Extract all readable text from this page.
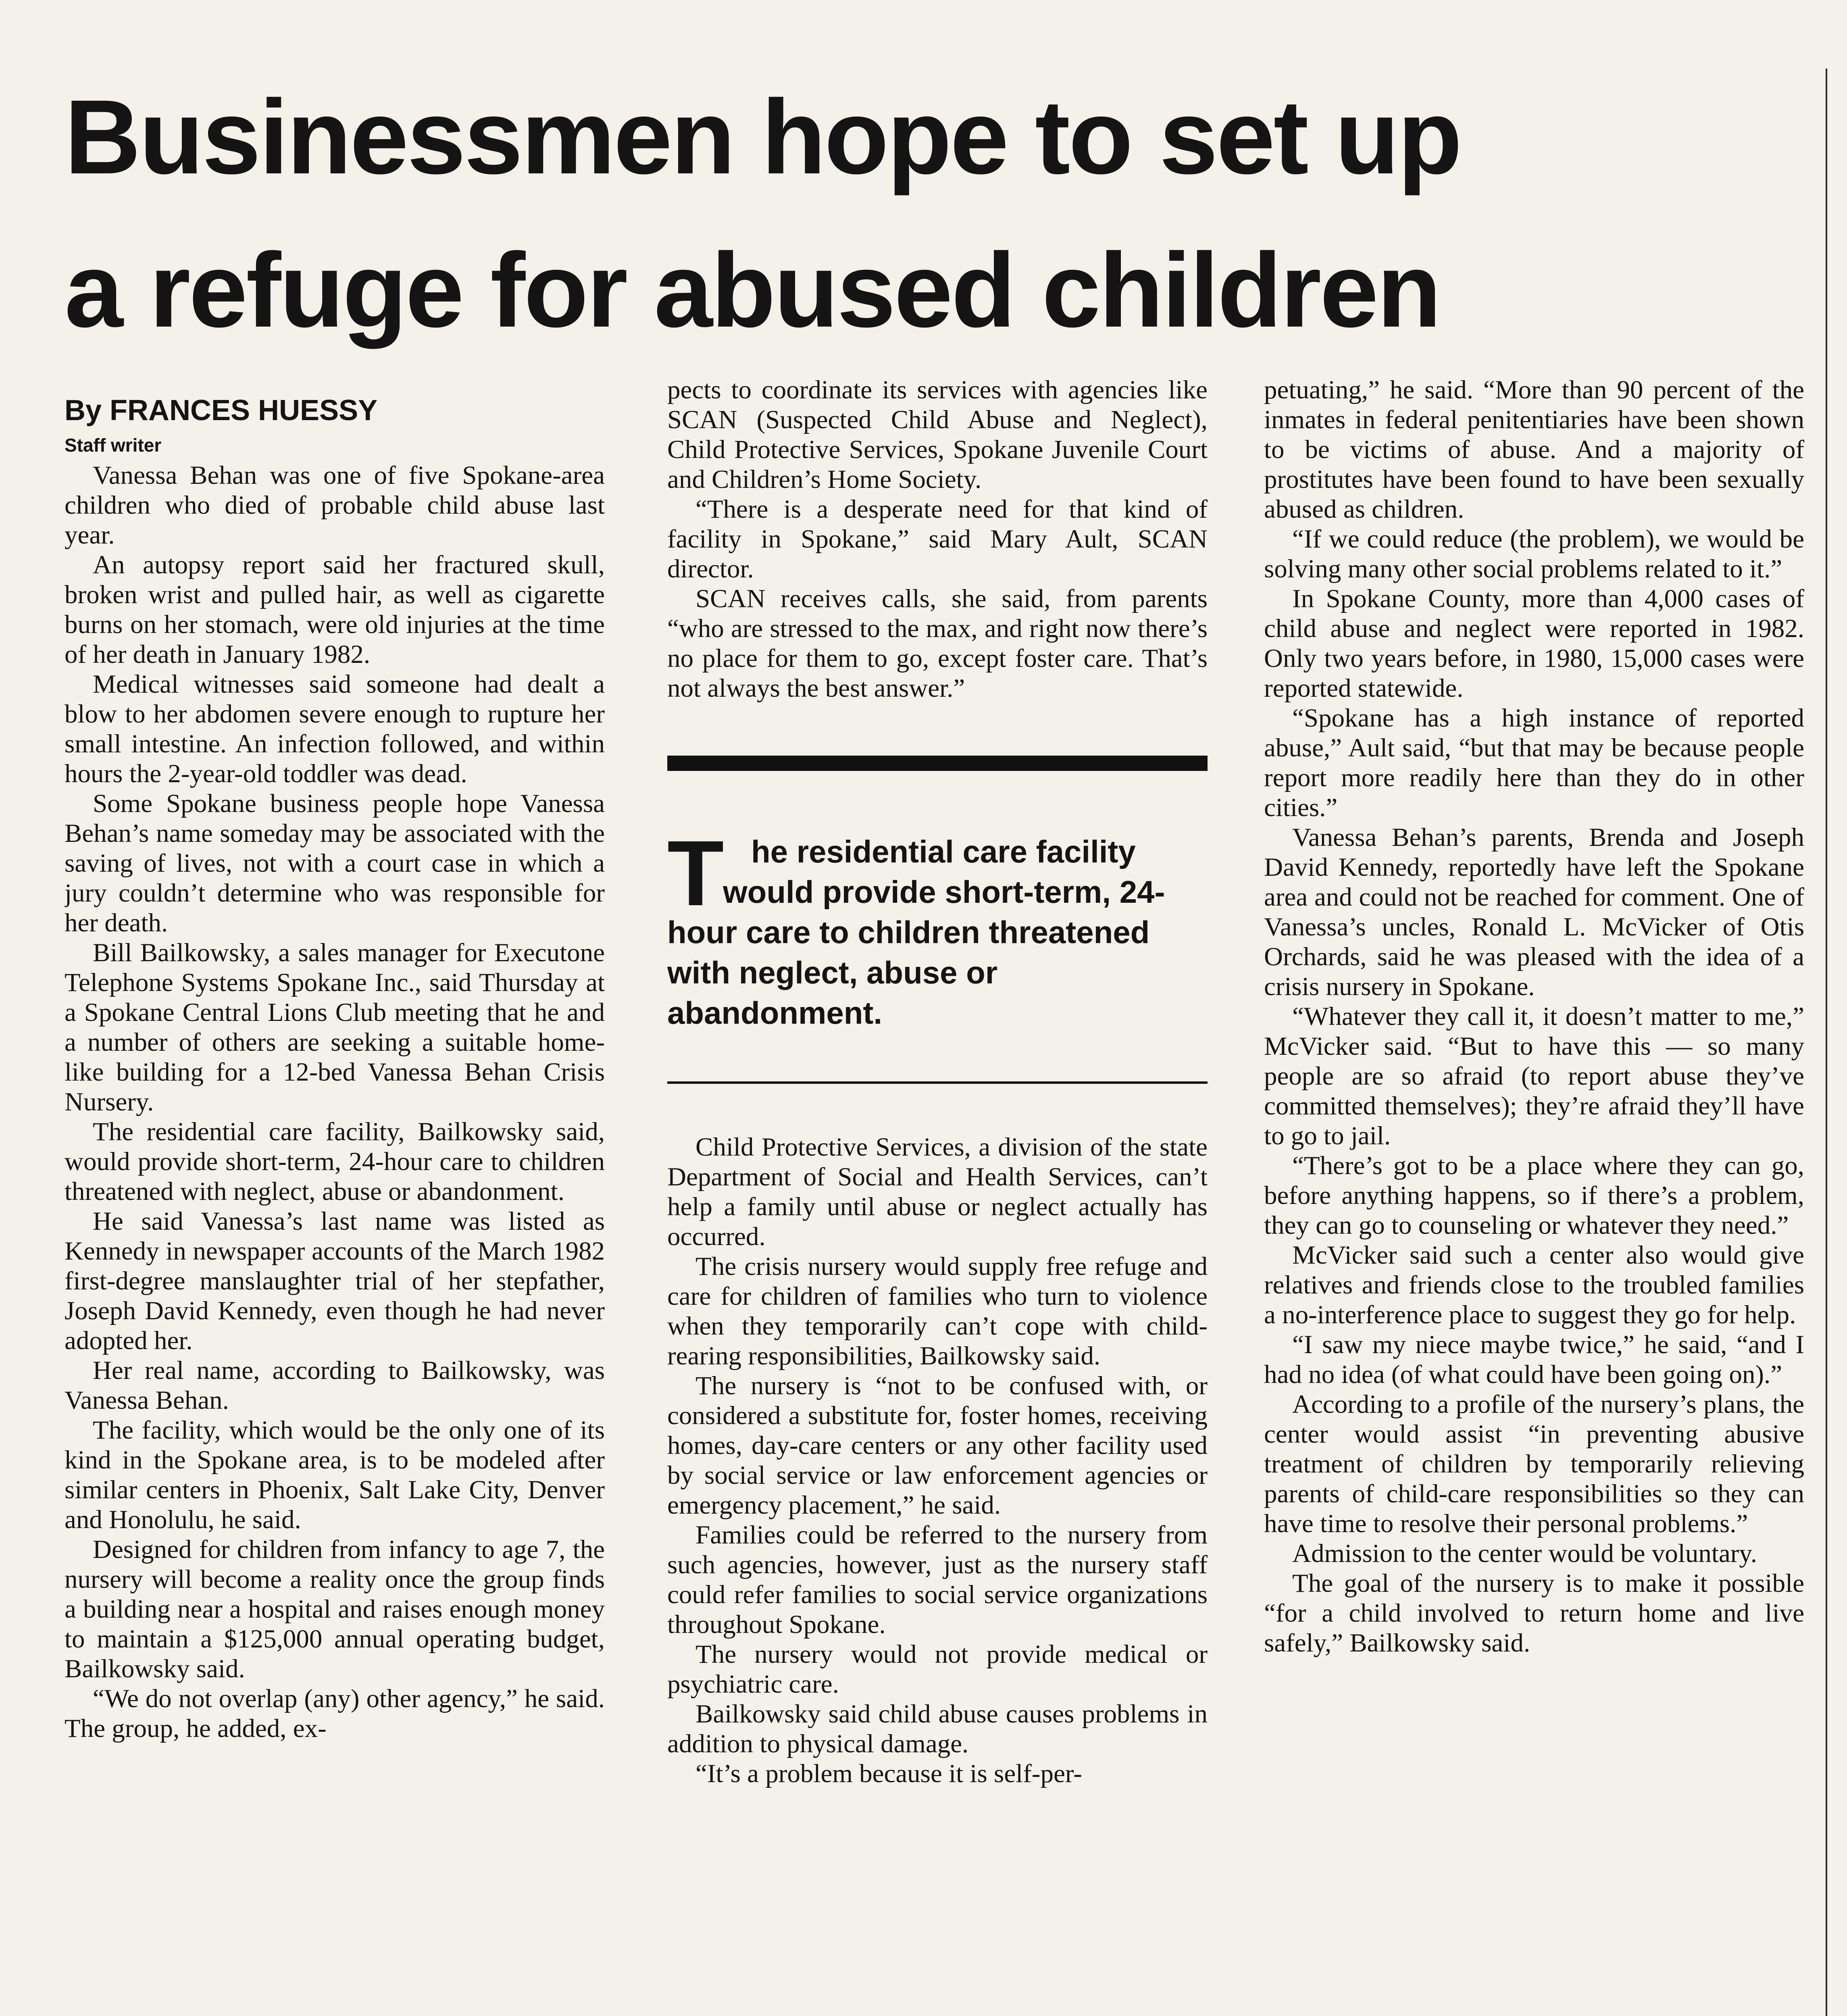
Businessmen hope to set up
a refuge for abused children

By FRANCES HUESSY

Staff writer

Vanessa Behan was one of five Spokane-area children who died of probable child abuse last year.

An autopsy report said her fractured skull, broken wrist and pulled hair, as well as cigarette burns on her stomach, were old injuries at the time of her death in January 1982.

Medical witnesses said someone had dealt a blow to her abdomen severe enough to rupture her small intestine. An infection followed, and within hours the 2-year-old toddler was dead.

Some Spokane business people hope Vanessa Behan’s name someday may be associated with the saving of lives, not with a court case in which a jury couldn’t determine who was responsible for her death.

Bill Bailkowsky, a sales manager for Executone Telephone Systems Spokane Inc., said Thursday at a Spokane Central Lions Club meeting that he and a number of others are seeking a suitable home-like building for a 12-bed Vanessa Behan Crisis Nursery.

The residential care facility, Bailkowsky said, would provide short-term, 24-hour care to children threatened with neglect, abuse or abandonment.

He said Vanessa’s last name was listed as Kennedy in newspaper accounts of the March 1982 first-degree manslaughter trial of her stepfather, Joseph David Kennedy, even though he had never adopted her.

Her real name, according to Bailkowsky, was Vanessa Behan.

The facility, which would be the only one of its kind in the Spokane area, is to be modeled after similar centers in Phoenix, Salt Lake City, Denver and Honolulu, he said.

Designed for children from infancy to age 7, the nursery will become a reality once the group finds a building near a hospital and raises enough money to maintain a $125,000 annual operating budget, Bailkowsky said.

“We do not overlap (any) other agency,” he said. The group, he added, ex-

pects to coordinate its services with agencies like SCAN (Suspected Child Abuse and Neglect), Child Protective Services, Spokane Juvenile Court and Children’s Home Society.

“There is a desperate need for that kind of facility in Spokane,” said Mary Ault, SCAN director.

SCAN receives calls, she said, from parents “who are stressed to the max, and right now there’s no place for them to go, except foster care. That’s not always the best answer.”

T he residential care facility would provide short-term, 24-hour care to children threatened with neglect, abuse or abandonment.

Child Protective Services, a division of the state Department of Social and Health Services, can’t help a family until abuse or neglect actually has occurred.

The crisis nursery would supply free refuge and care for children of families who turn to violence when they temporarily can’t cope with child-rearing responsibilities, Bailkowsky said.

The nursery is “not to be confused with, or considered a substitute for, foster homes, receiving homes, day-care centers or any other facility used by social service or law enforcement agencies or emergency placement,” he said.

Families could be referred to the nursery from such agencies, however, just as the nursery staff could refer families to social service organizations throughout Spokane.

The nursery would not provide medical or psychiatric care.

Bailkowsky said child abuse causes problems in addition to physical damage.

“It’s a problem because it is self-per-

petuating,” he said. “More than 90 percent of the inmates in federal penitentiaries have been shown to be victims of abuse. And a majority of prostitutes have been found to have been sexually abused as children.

“If we could reduce (the problem), we would be solving many other social problems related to it.”

In Spokane County, more than 4,000 cases of child abuse and neglect were reported in 1982. Only two years before, in 1980, 15,000 cases were reported statewide.

“Spokane has a high instance of reported abuse,” Ault said, “but that may be because people report more readily here than they do in other cities.”

Vanessa Behan’s parents, Brenda and Joseph David Kennedy, reportedly have left the Spokane area and could not be reached for comment. One of Vanessa’s uncles, Ronald L. McVicker of Otis Orchards, said he was pleased with the idea of a crisis nursery in Spokane.

“Whatever they call it, it doesn’t matter to me,” McVicker said. “But to have this — so many people are so afraid (to report abuse they’ve committed themselves); they’re afraid they’ll have to go to jail.

“There’s got to be a place where they can go, before anything happens, so if there’s a problem, they can go to counseling or whatever they need.”

McVicker said such a center also would give relatives and friends close to the troubled families a no-interference place to suggest they go for help.

“I saw my niece maybe twice,” he said, “and I had no idea (of what could have been going on).”

According to a profile of the nursery’s plans, the center would assist “in preventing abusive treatment of children by temporarily relieving parents of child-care responsibilities so they can have time to resolve their personal problems.”

Admission to the center would be voluntary.

The goal of the nursery is to make it possible “for a child involved to return home and live safely,” Bailkowsky said.
